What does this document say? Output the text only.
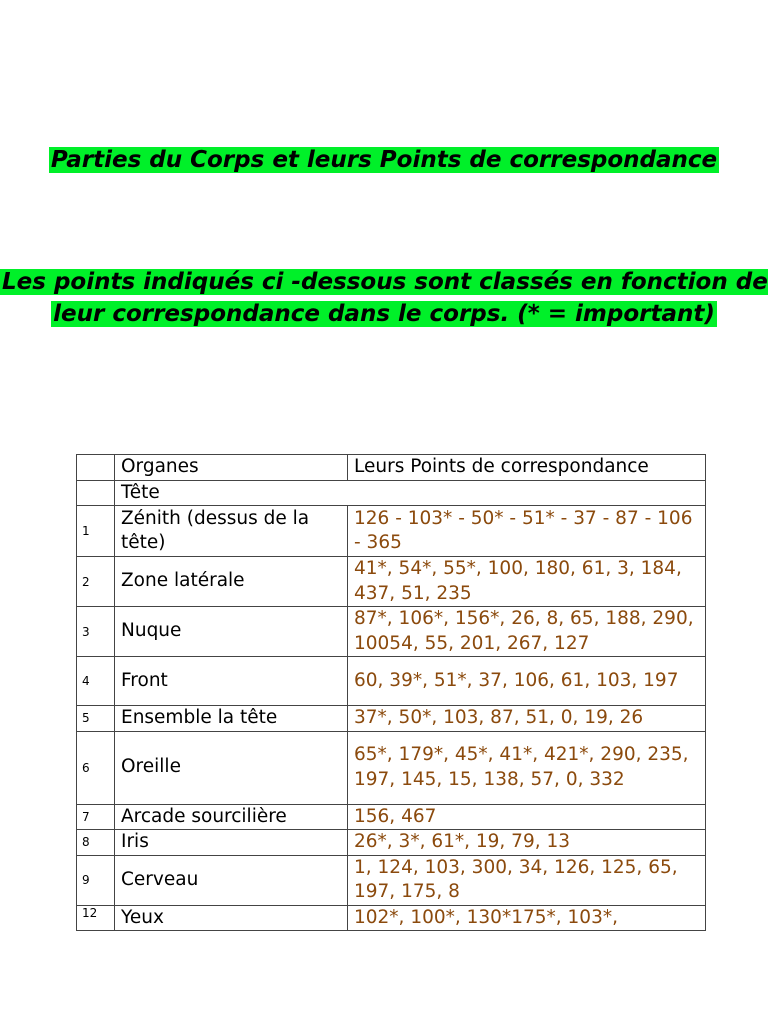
Parties du Corps et leurs Points de correspondance
Les points indiqués ci -dessous sont classés en fonction de leur correspondance dans le corps. (* = important)
	Organes	Leurs Points de correspondance
	Tête	
1	Zénith (dessus de la tête)	126 - 103* - 50* - 51* - 37 - 87 - 106 - 365
2	Zone latérale	41*, 54*, 55*, 100, 180, 61, 3, 184, 437, 51, 235
3	Nuque	87*, 106*, 156*, 26, 8, 65, 188, 290, 10054, 55, 201, 267, 127
4	Front	60, 39*, 51*, 37, 106, 61, 103, 197
5	Ensemble la tête	37*, 50*, 103, 87, 51, 0, 19, 26
6	Oreille	65*, 179*, 45*, 41*, 421*, 290, 235, 197, 145, 15, 138, 57, 0, 332
7	Arcade sourcilière	156, 467
8	Iris	26*, 3*, 61*, 19, 79, 13
9	Cerveau	1, 124, 103, 300, 34, 126, 125, 65, 197, 175, 8
12	Yeux	102*, 100*, 130*175*, 103*,
